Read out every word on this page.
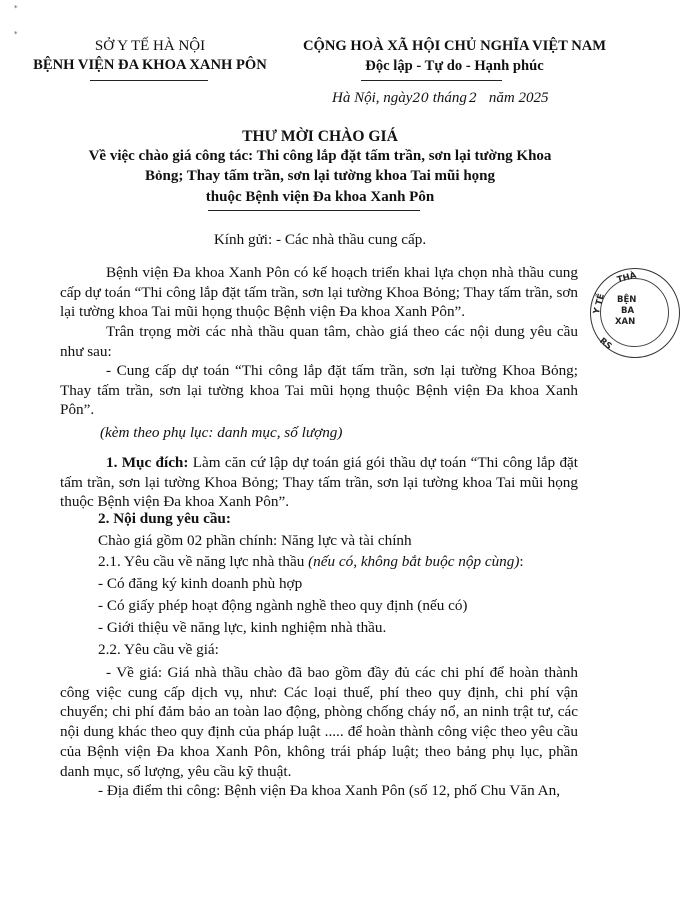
*
*
SỞ Y TẾ HÀ NỘI
BỆNH VIỆN ĐA KHOA XANH PÔN
CỘNG HOÀ XÃ HỘI CHỦ NGHĨA VIỆT NAM
Độc lập - Tự do - Hạnh phúc
Hà Nội, ngày20 tháng 2 năm 2025
THƯ MỜI CHÀO GIÁ
Về việc chào giá công tác: Thi công lắp đặt tấm trần, sơn lại tường Khoa
Bỏng; Thay tấm trần, sơn lại tường khoa Tai mũi họng
thuộc Bệnh viện Đa khoa Xanh Pôn
Kính gửi: - Các nhà thầu cung cấp.
Bệnh viện Đa khoa Xanh Pôn có kế hoạch triển khai lựa chọn nhà thầu cung cấp dự toán “Thi công lắp đặt tấm trần, sơn lại tường Khoa Bỏng; Thay tấm trần, sơn lại tường khoa Tai mũi họng thuộc Bệnh viện Đa khoa Xanh Pôn”.
Trân trọng mời các nhà thầu quan tâm, chào giá theo các nội dung yêu cầu như sau:
- Cung cấp dự toán “Thi công lắp đặt tấm trần, sơn lại tường Khoa Bỏng; Thay tấm trần, sơn lại tường khoa Tai mũi họng thuộc Bệnh viện Đa khoa Xanh Pôn”.
(kèm theo phụ lục: danh mục, số lượng)
1. Mục đích: Làm căn cứ lập dự toán giá gói thầu dự toán “Thi công lắp đặt tấm trần, sơn lại tường Khoa Bỏng; Thay tấm trần, sơn lại tường khoa Tai mũi họng thuộc Bệnh viện Đa khoa Xanh Pôn”.
2. Nội dung yêu cầu:
Chào giá gồm 02 phần chính: Năng lực và tài chính
2.1. Yêu cầu về năng lực nhà thầu (nếu có, không bắt buộc nộp cùng):
- Có đăng ký kinh doanh phù hợp
- Có giấy phép hoạt động ngành nghề theo quy định (nếu có)
- Giới thiệu về năng lực, kinh nghiệm nhà thầu.
2.2. Yêu cầu về giá:
- Về giá: Giá nhà thầu chào đã bao gồm đầy đủ các chi phí để hoàn thành công việc cung cấp dịch vụ, như: Các loại thuế, phí theo quy định, chi phí vận chuyển; chi phí đảm bảo an toàn lao động, phòng chống cháy nổ, an ninh trật tư, các nội dung khác theo quy định của pháp luật ..... để hoàn thành công việc theo yêu cầu của Bệnh viện Đa khoa Xanh Pôn, không trái pháp luật; theo bảng phụ lục, phần danh mục, số lượng, yêu cầu kỹ thuật.
- Địa điểm thi công: Bệnh viện Đa khoa Xanh Pôn (số 12, phố Chu Văn An,
THÀ
Y TẾ
RS
BỆN
BA
XAN
